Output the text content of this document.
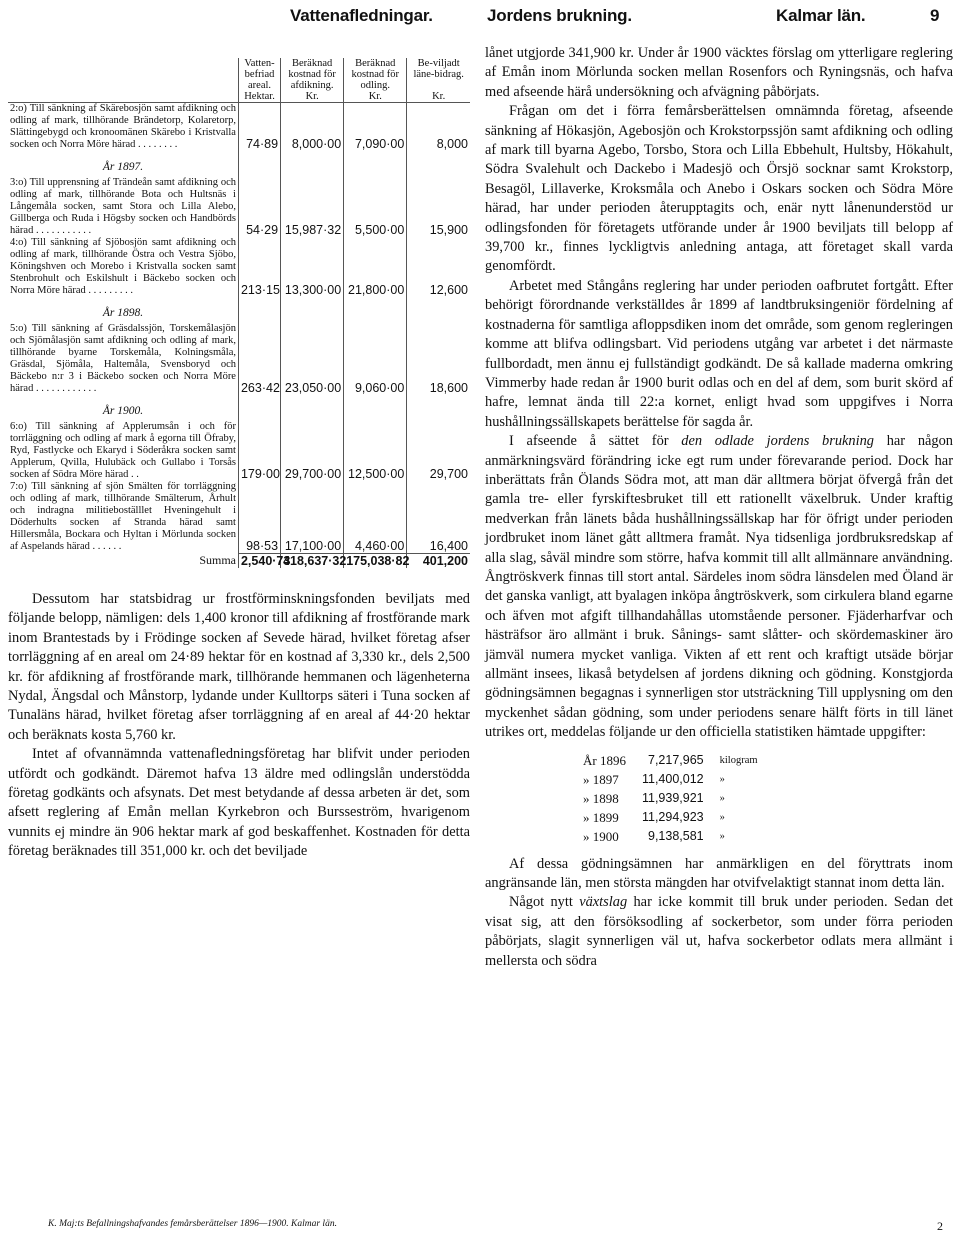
Vattenafledningar.	Jordens brukning.	Kalmar län.	9
	Vatten-befriad areal.	Beräknad kostnad för afdikning.	Beräknad kostnad för odling.	Be-viljadt läne-bidrag.
	Hektar.	Kr.	Kr.	Kr.
2:o) Till sänkning af Skärebosjön samt afdikning och odling af mark, tillhörande Brändetorp, Kolaretorp, Slättingebygd och kronoomänen Skärebo i Kristvalla socken och Norra Möre härad . . . . . . . .	74·89	8,000·00	7,090·00	8,000
År 1897.				
3:o) Till upprensning af Trändeån samt afdikning och odling af mark, tillhörande Bota och Hultsnäs i Långemåla socken, samt Stora och Lilla Alebo, Gillberga och Ruda i Högsby socken och Handbörds härad . . . . . . . . . . .	54·29	15,987·32	5,500·00	15,900
4:o) Till sänkning af Sjöbosjön samt afdikning och odling af mark, tillhörande Östra och Vestra Sjöbo, Köningshven och Morebo i Kristvalla socken samt Stenbrohult och Eskilshult i Bäckebo socken och Norra Möre härad . . . . . . . . .	213·15	13,300·00	21,800·00	12,600
År 1898.				
5:o) Till sänkning af Gräsdalssjön, Torskemålasjön och Sjömålasjön samt afdikning och odling af mark, tillhörande byarne Torskemåla, Kolningsmåla, Gräsdal, Sjömåla, Haltemåla, Svensboryd och Bäckebo n:r 3 i Bäckebo socken och Norra Möre härad . . . . . . . . . . . .	263·42	23,050·00	9,060·00	18,600
År 1900.				
6:o) Till sänkning af Applerumsån i och för torrläggning och odling af mark å egorna till Öfraby, Ryd, Fastlycke och Ekaryd i Söderåkra socken samt Applerum, Qvilla, Hulubäck och Gullabo i Torsås socken af Södra Möre härad . .	179·00	29,700·00	12,500·00	29,700
7:o) Till sänkning af sjön Smälten för torrläggning och odling af mark, tillhörande Smälterum, Århult och indragna militieboställlet Hveningehult i Döderhults socken af Stranda härad samt Hillersmåla, Bockara och Hyltan i Mörlunda socken af Aspelands härad . . . . . .	98·53	17,100·00	4,460·00	16,400
Summa	2,540·73	418,637·32	175,038·82	401,200

Dessutom har statsbidrag ur frostförminskningsfonden beviljats med följande belopp, nämligen: dels 1,400 kronor till afdikning af frostförande mark inom Brantestads by i Frödinge socken af Sevede härad, hvilket företag afser torrläggning af en areal om 24·89 hektar för en kostnad af 3,330 kr., dels 2,500 kr. för afdikning af frostförande mark, tillhörande hemmanen och lägenheterna Nydal, Ängsdal och Månstorp, lydande under Kulltorps säteri i Tuna socken af Tunaläns härad, hvilket företag afser torrläggning af en areal af 44·20 hektar och beräknats kosta 5,760 kr.

Intet af ofvannämnda vattenafledningsföretag har blifvit under perioden utfördt och godkändt. Däremot hafva 13 äldre med odlingslån understödda företag godkänts och afsynats. Det mest betydande af dessa arbeten är det, som afsett reglering af Emån mellan Kyrkebron och Bursseström, hvarigenom vunnits ej mindre än 906 hektar mark af god beskaffenhet. Kostnaden för detta företag beräknades till 351,000 kr. och det beviljade

lånet utgjorde 341,900 kr. Under år 1900 väcktes förslag om ytterligare reglering af Emån inom Mörlunda socken mellan Rosenfors och Ryningsnäs, och hafva med afseende härå undersökning och afvägning påbörjats.

Frågan om det i förra femårsberättelsen omnämnda företag, afseende sänkning af Hökasjön, Agebosjön och Krokstorpssjön samt afdikning och odling af mark till byarna Agebo, Torsbo, Stora och Lilla Ebbehult, Hultsby, Hökahult, Södra Svalehult och Dackebo i Madesjö och Örsjö socknar samt Krokstorp, Besagöl, Lillaverke, Kroksmåla och Anebo i Oskars socken och Södra Möre härad, har under perioden återupptagits och, enär nytt lånenunderstöd ur odlingsfonden för företagets utförande under år 1900 beviljats till belopp af 39,700 kr., finnes lyckligtvis anledning antaga, att företaget skall varda genomfördt.

Arbetet med Stångåns reglering har under perioden oafbrutet fortgått. Efter behörigt förordnande verkställdes år 1899 af landtbruksingeniör fördelning af kostnaderna för samtliga afloppsdiken inom det område, som genom regleringen komme att blifva odlingsbart. Vid periodens utgång var arbetet i det närmaste fullbordadt, men ännu ej fullständigt godkändt. De så kallade maderna omkring Vimmerby hade redan år 1900 burit odlas och en del af dem, som burit skörd af hafre, lemnat ända till 22:a kornet, enligt hvad som uppgifves i Norra hushållningssällskapets berättelse för sagda år.

I afseende å sättet för den odlade jordens brukning har någon anmärkningsvärd förändring icke egt rum under förevarande period. Dock har inberättats från Ölands Södra mot, att man där alltmera börjat öfvergå från det gamla tre- eller fyrskiftesbruket till ett rationellt växelbruk. Under kraftig medverkan från länets båda hushållningssällskap har för öfrigt under perioden jordbruket inom länet gått alltmera framåt. Nya tidsenliga jordbruksredskap af alla slag, såväl mindre som större, hafva kommit till allt allmännare användning. Ångtröskverk finnas till stort antal. Särdeles inom södra länsdelen med Öland är det ganska vanligt, att byalagen inköpa ångtröskverk, som cirkulera bland egarne och äfven mot afgift tillhandahållas utomstående personer. Fjäderharfvar och hästräfsor äro allmänt i bruk. Sånings- samt slåtter- och skördemaskiner äro jämväl numera mycket vanliga. Vikten af ett rent och kraftigt utsäde börjar allmänt insees, likaså betydelsen af jordens dikning och gödning. Konstgjorda gödningsämnen begagnas i synnerligen stor utsträckning Till upplysning om den myckenhet sådan gödning, som under periodens senare hälft förts in till länet utrikes ort, meddelas följande ur den officiella statistiken hämtade uppgifter:

År 1896	7,217,965	kilogram
» 1897	11,400,012	»
» 1898	11,939,921	»
» 1899	11,294,923	»
» 1900	9,138,581	»

Af dessa gödningsämnen har anmärkligen en del föryttrats inom angränsande län, men största mängden har otvifvelaktigt stannat inom detta län.

Något nytt växtslag har icke kommit till bruk under perioden. Sedan det visat sig, att den försöksodling af sockerbetor, som under förra perioden påbörjats, slagit synnerligen väl ut, hafva sockerbetor odlats mera allmänt i mellersta och södra

K. Maj:ts Befallningshafvandes femårsberättelser 1896—1900. Kalmar län.	2
